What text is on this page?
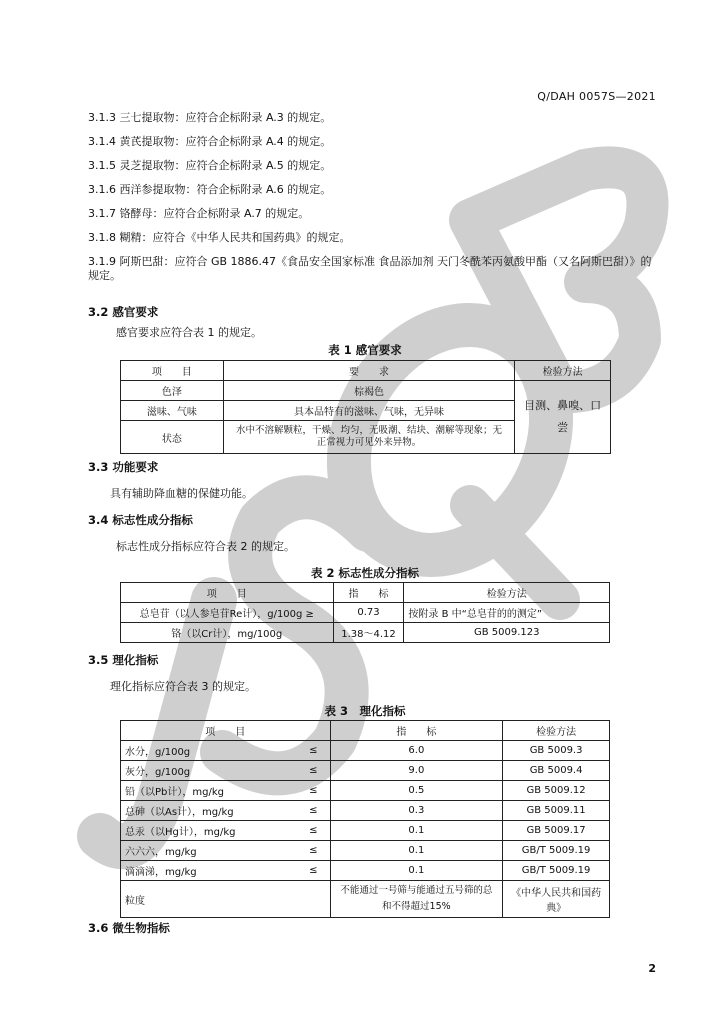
Q/DAH 0057S—2021
3.1.3 三七提取物：应符合企标附录 A.3 的规定。
3.1.4 黄芪提取物：应符合企标附录 A.4 的规定。
3.1.5 灵芝提取物：应符合企标附录 A.5 的规定。
3.1.6 西洋参提取物：符合企标附录 A.6 的规定。
3.1.7 铬酵母：应符合企标附录 A.7 的规定。
3.1.8 糊精：应符合《中华人民共和国药典》的规定。
3.1.9 阿斯巴甜：应符合 GB 1886.47《食品安全国家标准 食品添加剂 天门冬酰苯丙氨酸甲酯（又名阿斯巴甜）》的规定。
3.2 感官要求
感官要求应符合表 1 的规定。
表 1 感官要求
项　　目	要　　求	检验方法
色泽	棕褐色	目测、鼻嗅、口尝
滋味、气味	具本品特有的滋味、气味，无异味	
状态	水中不溶解颗粒，干燥、均匀，无吸潮、结块、潮解等现象；无正常视力可见外来异物。	
3.3 功能要求
具有辅助降血糖的保健功能。
3.4 标志性成分指标
标志性成分指标应符合表 2 的规定。
表 2 标志性成分指标
项　　目	指　　标	检验方法
总皂苷（以人参皂苷Re计），g/100g ≥	0.73	按附录 B 中“总皂苷的的测定”
铬（以Cr计），mg/100g	1.38～4.12	GB 5009.123
3.5 理化指标
理化指标应符合表 3 的规定。
表 3　理化指标
项　　目		指　　标	检验方法
水分，g/100g	≤	6.0	GB 5009.3
灰分，g/100g	≤	9.0	GB 5009.4
铅（以Pb计），mg/kg	≤	0.5	GB 5009.12
总砷（以As计），mg/kg	≤	0.3	GB 5009.11
总汞（以Hg计），mg/kg	≤	0.1	GB 5009.17
六六六，mg/kg	≤	0.1	GB/T 5009.19
滴滴涕，mg/kg	≤	0.1	GB/T 5009.19
粒度		不能通过一号筛与能通过五号筛的总和不得超过15%	《中华人民共和国药典》
3.6 微生物指标
2
